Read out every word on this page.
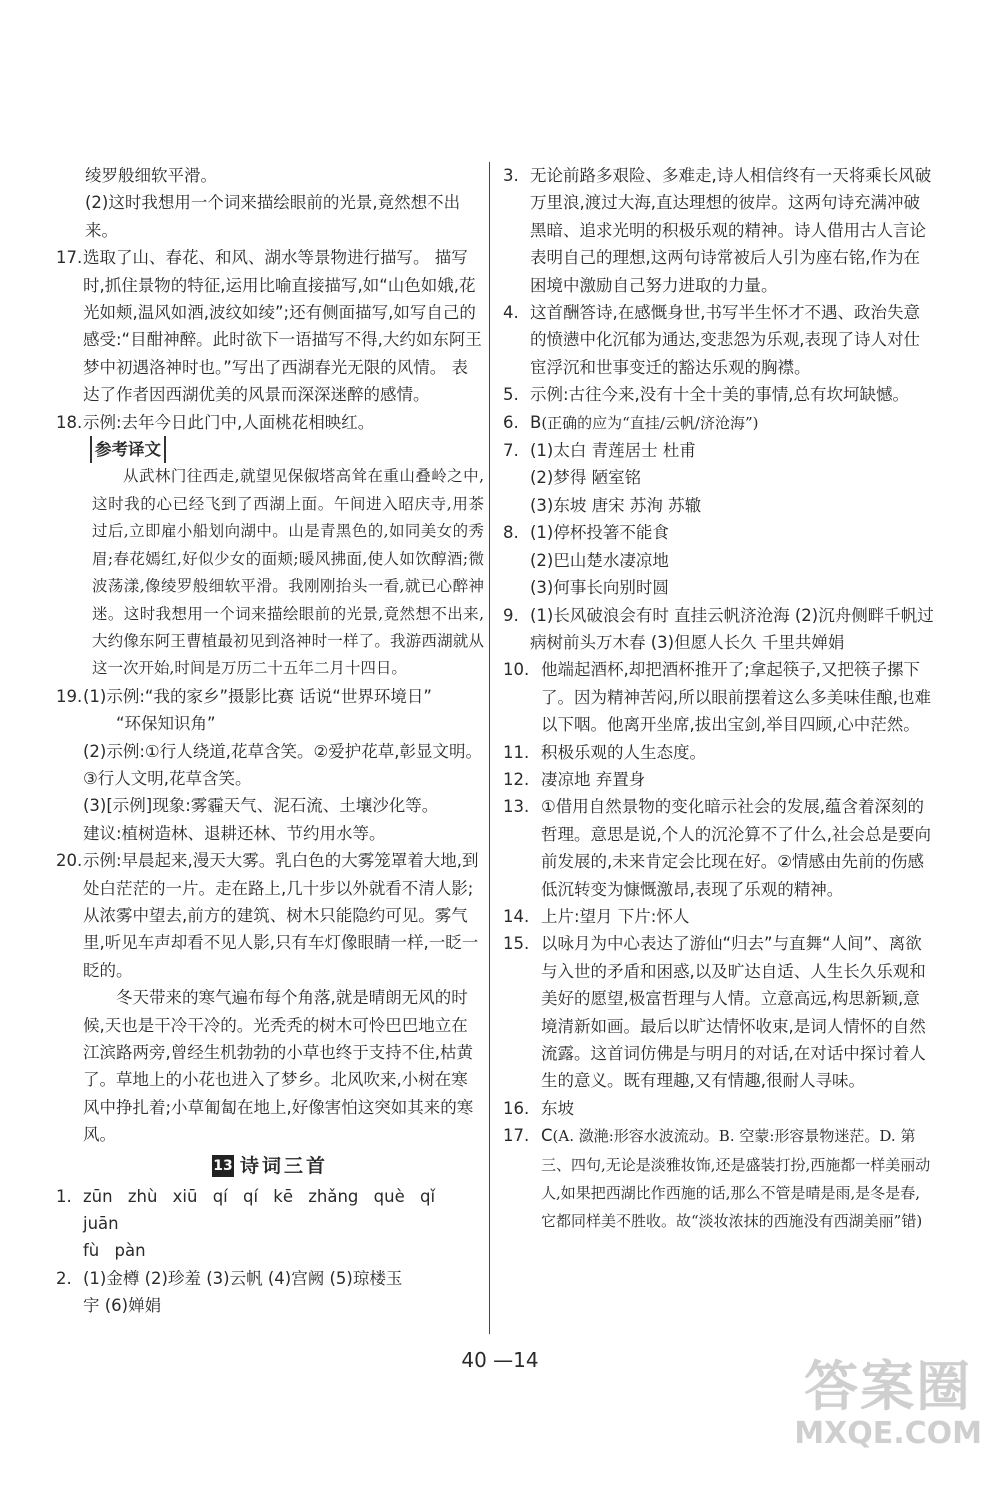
绫罗般细软平滑。

(2)这时我想用一个词来描绘眼前的光景,竟然想不出来。

17. 选取了山、春花、和风、湖水等景物进行描写。 描写时,抓住景物的特征,运用比喻直接描写,如“山色如娥,花光如颊,温风如酒,波纹如绫”;还有侧面描写,如写自己的感受:“目酣神醉。此时欲下一语描写不得,大约如东阿王梦中初遇洛神时也。”写出了西湖春光无限的风情。 表达了作者因西湖优美的风景而深深迷醉的感情。
18. 示例:去年今日此门中,人面桃花相映红。
参考译文

从武林门往西走,就望见保俶塔高耸在重山叠岭之中,这时我的心已经飞到了西湖上面。午间进入昭庆寺,用茶过后,立即雇小船划向湖中。山是青黑色的,如同美女的秀眉;春花嫣红,好似少女的面颊;暖风拂面,使人如饮醇酒;微波荡漾,像绫罗般细软平滑。我刚刚抬头一看,就已心醉神迷。这时我想用一个词来描绘眼前的光景,竟然想不出来,大约像东阿王曹植最初见到洛神时一样了。我游西湖就从这一次开始,时间是万历二十五年二月十四日。

19. (1)示例:“我的家乡”摄影比赛 话说“世界环境日”

“环保知识角”

(2)示例:①行人绕道,花草含笑。②爱护花草,彰显文明。③行人文明,花草含笑。

(3)[示例]现象:雾霾天气、泥石流、土壤沙化等。

建议:植树造林、退耕还林、节约用水等。

20. 示例:早晨起来,漫天大雾。乳白色的大雾笼罩着大地,到处白茫茫的一片。走在路上,几十步以外就看不清人影;从浓雾中望去,前方的建筑、树木只能隐约可见。雾气里,听见车声却看不见人影,只有车灯像眼睛一样,一眨一眨的。

冬天带来的寒气遍布每个角落,就是晴朗无风的时候,天也是干冷干冷的。光秃秃的树木可怜巴巴地立在江滨路两旁,曾经生机勃勃的小草也终于支持不住,枯黄了。草地上的小花也进入了梦乡。北风吹来,小树在寒风中挣扎着;小草匍匐在地上,好像害怕这突如其来的寒风。

13 诗词三首
1. zūn zhù xiū qí qí kē zhǎng què qǐ juān

fù pàn

2. (1)金樽 (2)珍羞 (3)云帆 (4)宫阙 (5)琼楼玉

宇 (6)婵娟

3. 无论前路多艰险、多难走,诗人相信终有一天将乘长风破万里浪,渡过大海,直达理想的彼岸。这两句诗充满冲破黑暗、追求光明的积极乐观的精神。诗人借用古人言论表明自己的理想,这两句诗常被后人引为座右铭,作为在困境中激励自己努力进取的力量。
4. 这首酬答诗,在感慨身世,书写半生怀才不遇、政治失意的愤懑中化沉郁为通达,变悲怨为乐观,表现了诗人对仕宦浮沉和世事变迁的豁达乐观的胸襟。
5. 示例:古往今来,没有十全十美的事情,总有坎坷缺憾。
6. B(正确的应为“直挂/云帆/济沧海”)
7. (1)太白 青莲居士 杜甫

(2)梦得 陋室铭

(3)东坡 唐宋 苏洵 苏辙

8. (1)停杯投箸不能食

(2)巴山楚水凄凉地

(3)何事长向别时圆

9. (1)长风破浪会有时 直挂云帆济沧海 (2)沉舟侧畔千帆过 病树前头万木春 (3)但愿人长久 千里共婵娟
10. 他端起酒杯,却把酒杯推开了;拿起筷子,又把筷子摞下了。因为精神苦闷,所以眼前摆着这么多美味佳酿,也难以下咽。他离开坐席,拔出宝剑,举目四顾,心中茫然。
11. 积极乐观的人生态度。
12. 凄凉地 弃置身
13. ①借用自然景物的变化暗示社会的发展,蕴含着深刻的哲理。意思是说,个人的沉沦算不了什么,社会总是要向前发展的,未来肯定会比现在好。②情感由先前的伤感低沉转变为慷慨激昂,表现了乐观的精神。
14. 上片:望月 下片:怀人
15. 以咏月为中心表达了游仙“归去”与直舞“人间”、离欲与入世的矛盾和困惑,以及旷达自适、人生长久乐观和美好的愿望,极富哲理与人情。立意高远,构思新颖,意境清新如画。最后以旷达情怀收束,是词人情怀的自然流露。这首词仿佛是与明月的对话,在对话中探讨着人生的意义。既有理趣,又有情趣,很耐人寻味。
16. 东坡
17. C(A. 潋滟:形容水波流动。B. 空蒙:形容景物迷茫。D. 第三、四句,无论是淡雅妆饰,还是盛装打扮,西施都一样美丽动人,如果把西湖比作西施的话,那么不管是晴是雨,是冬是春,它都同样美不胜收。故“淡妆浓抹的西施没有西湖美丽”错)
40 —14	答案圈
MXQE.COM
